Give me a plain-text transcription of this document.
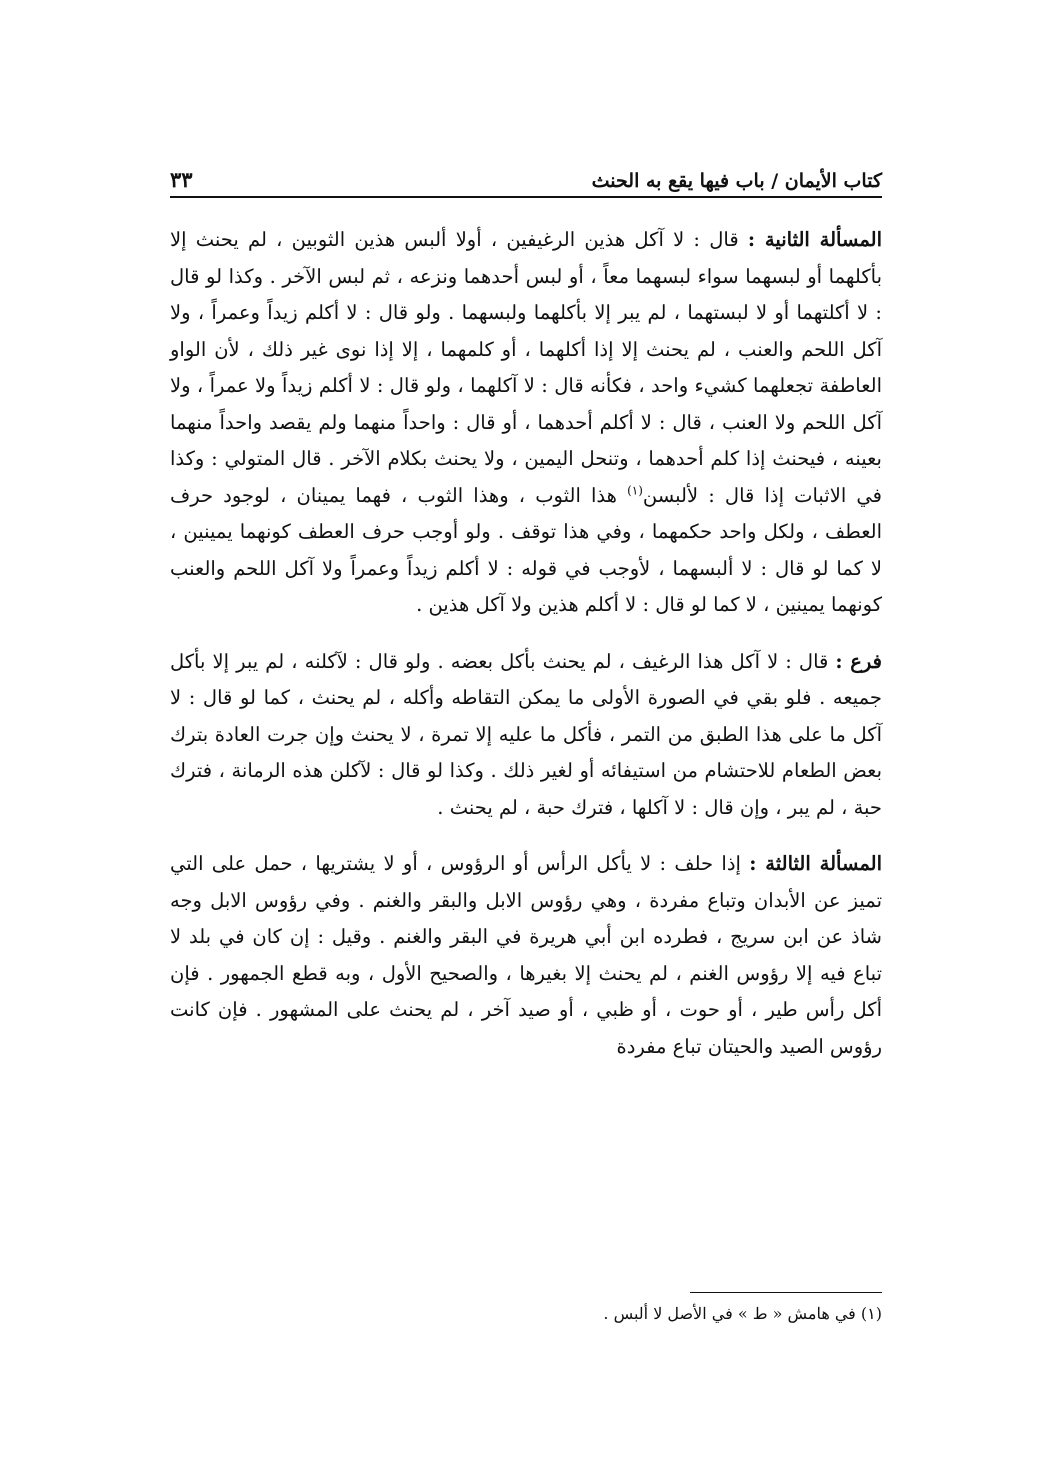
كتاب الأيمان / باب فيها يقع به الحنث
٣٣

المسألة الثانية : قال : لا آكل هذين الرغيفين ، أولا ألبس هذين الثوبين ، لم يحنث إلا بأكلهما أو لبسهما سواء لبسهما معاً ، أو لبس أحدهما ونزعه ، ثم لبس الآخر . وكذا لو قال : لا أكلتهما أو لا لبستهما ، لم يبر إلا بأكلهما ولبسهما . ولو قال : لا أكلم زيداً وعمراً ، ولا آكل اللحم والعنب ، لم يحنث إلا إذا أكلهما ، أو كلمهما ، إلا إذا نوى غير ذلك ، لأن الواو العاطفة تجعلهما كشيء واحد ، فكأنه قال : لا آكلهما ، ولو قال : لا أكلم زيداً ولا عمراً ، ولا آكل اللحم ولا العنب ، قال : لا أكلم أحدهما ، أو قال : واحداً منهما ولم يقصد واحداً منهما بعينه ، فيحنث إذا كلم أحدهما ، وتنحل اليمين ، ولا يحنث بكلام الآخر . قال المتولي : وكذا في الاثبات إذا قال : لألبسن$^{(١)}$ هذا الثوب ، وهذا الثوب ، فهما يمينان ، لوجود حرف العطف ، ولكل واحد حكمهما ، وفي هذا توقف . ولو أوجب حرف العطف كونهما يمينين ، لا كما لو قال : لا ألبسهما ، لأوجب في قوله : لا أكلم زيداً وعمراً ولا آكل اللحم والعنب كونهما يمينين ، لا كما لو قال : لا أكلم هذين ولا آكل هذين .

فرع : قال : لا آكل هذا الرغيف ، لم يحنث بأكل بعضه . ولو قال : لآكلنه ، لم يبر إلا بأكل جميعه . فلو بقي في الصورة الأولى ما يمكن التقاطه وأكله ، لم يحنث ، كما لو قال : لا آكل ما على هذا الطبق من التمر ، فأكل ما عليه إلا تمرة ، لا يحنث وإن جرت العادة بترك بعض الطعام للاحتشام من استيفائه أو لغير ذلك . وكذا لو قال : لآكلن هذه الرمانة ، فترك حبة ، لم يبر ، وإن قال : لا آكلها ، فترك حبة ، لم يحنث .

المسألة الثالثة : إذا حلف : لا يأكل الرأس أو الرؤوس ، أو لا يشتريها ، حمل على التي تميز عن الأبدان وتباع مفردة ، وهي رؤوس الابل والبقر والغنم . وفي رؤوس الابل وجه شاذ عن ابن سريج ، فطرده ابن أبي هريرة في البقر والغنم . وقيل : إن كان في بلد لا تباع فيه إلا رؤوس الغنم ، لم يحنث إلا بغيرها ، والصحيح الأول ، وبه قطع الجمهور . فإن أكل رأس طير ، أو حوت ، أو ظبي ، أو صيد آخر ، لم يحنث على المشهور . فإن كانت رؤوس الصيد والحيتان تباع مفردة

(١) في هامش « ط » في الأصل لا ألبس .
